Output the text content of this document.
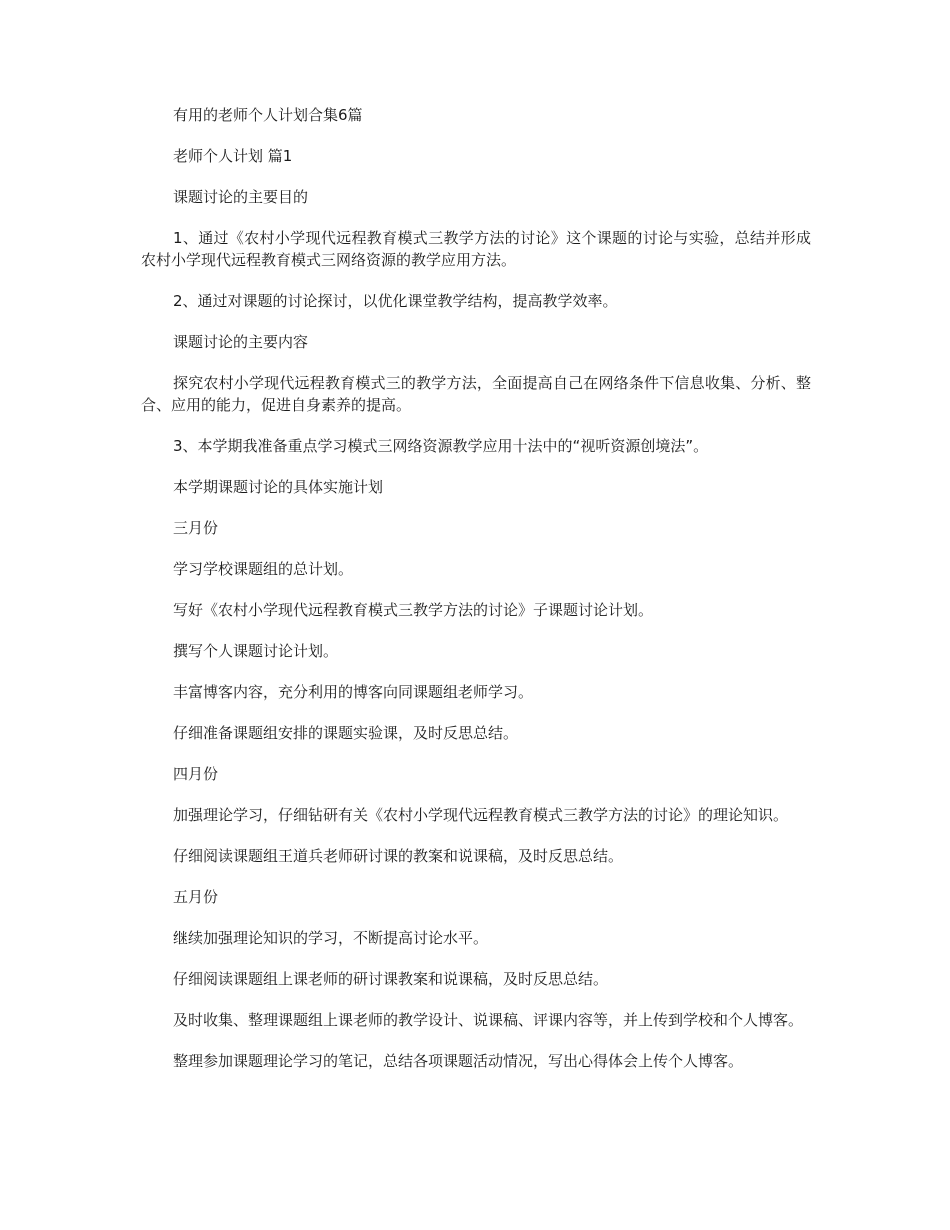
有用的老师个人计划合集6篇

老师个人计划 篇1

课题讨论的主要目的

1、通过《农村小学现代远程教育模式三教学方法的讨论》这个课题的讨论与实验，总结并形成农村小学现代远程教育模式三网络资源的教学应用方法。

2、通过对课题的讨论探讨，以优化课堂教学结构，提高教学效率。

课题讨论的主要内容

探究农村小学现代远程教育模式三的教学方法，全面提高自己在网络条件下信息收集、分析、整合、应用的能力，促进自身素养的提高。

3、本学期我准备重点学习模式三网络资源教学应用十法中的“视听资源创境法”。

本学期课题讨论的具体实施计划

三月份

学习学校课题组的总计划。

写好《农村小学现代远程教育模式三教学方法的讨论》子课题讨论计划。

撰写个人课题讨论计划。

丰富博客内容，充分利用的博客向同课题组老师学习。

仔细准备课题组安排的课题实验课，及时反思总结。

四月份

加强理论学习，仔细钻研有关《农村小学现代远程教育模式三教学方法的讨论》的理论知识。

仔细阅读课题组王道兵老师研讨课的教案和说课稿，及时反思总结。

五月份

继续加强理论知识的学习，不断提高讨论水平。

仔细阅读课题组上课老师的研讨课教案和说课稿，及时反思总结。

及时收集、整理课题组上课老师的教学设计、说课稿、评课内容等，并上传到学校和个人博客。

整理参加课题理论学习的笔记，总结各项课题活动情况，写出心得体会上传个人博客。
